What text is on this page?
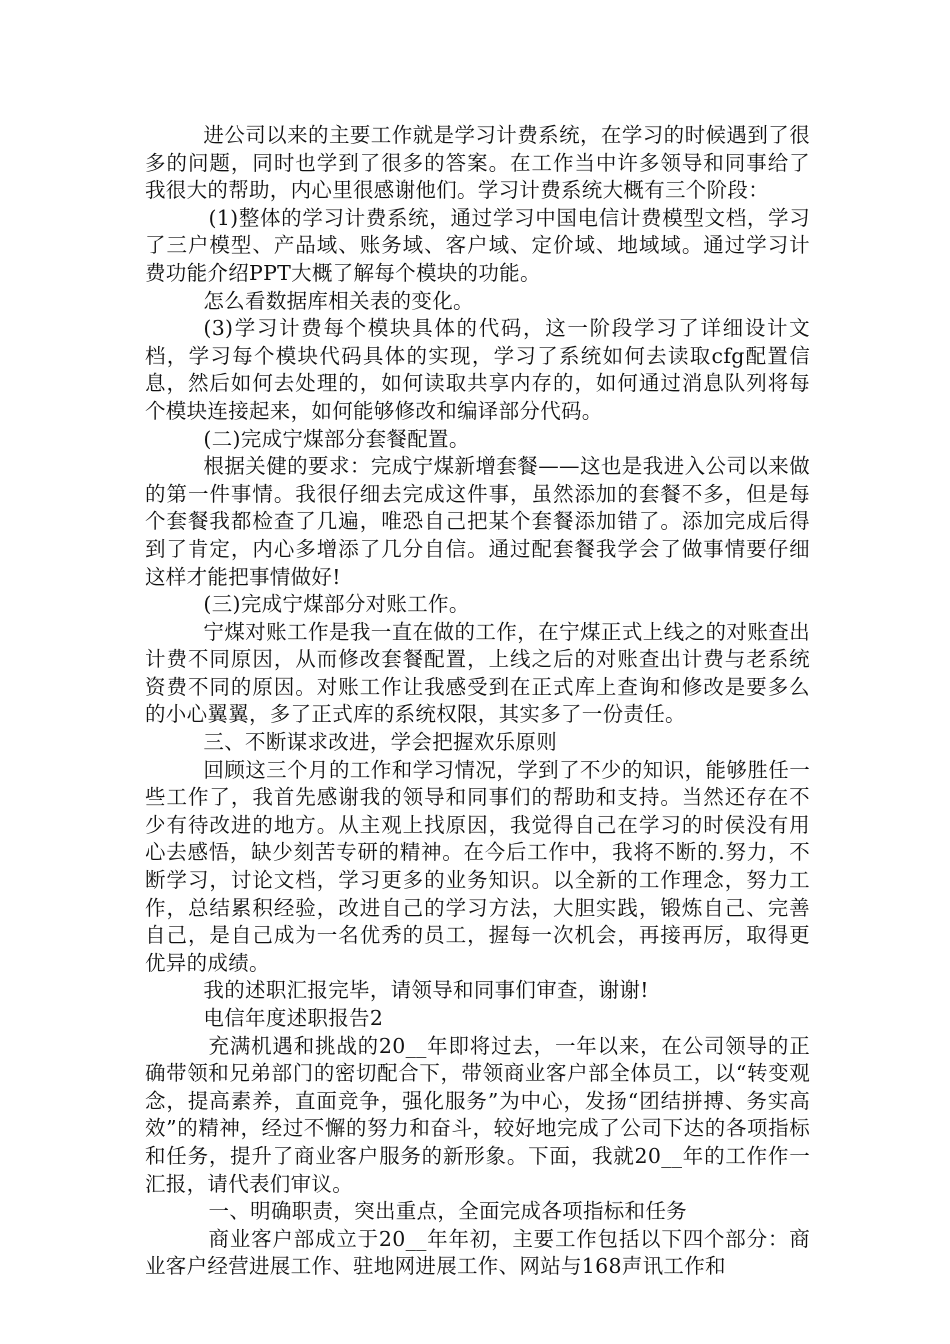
进公司以来的主要工作就是学习计费系统，在学习的时候遇到了很多的问题，同时也学到了很多的答案。在工作当中许多领导和同事给了我很大的帮助，内心里很感谢他们。学习计费系统大概有三个阶段：

(1)整体的学习计费系统，通过学习中国电信计费模型文档，学习了三户模型、产品域、账务域、客户域、定价域、地域域。通过学习计费功能介绍PPT大概了解每个模块的功能。

怎么看数据库相关表的变化。

(3)学习计费每个模块具体的代码，这一阶段学习了详细设计文档，学习每个模块代码具体的实现，学习了系统如何去读取cfg配置信息，然后如何去处理的，如何读取共享内存的，如何通过消息队列将每个模块连接起来，如何能够修改和编译部分代码。

(二)完成宁煤部分套餐配置。

根据关健的要求：完成宁煤新增套餐——这也是我进入公司以来做的第一件事情。我很仔细去完成这件事，虽然添加的套餐不多，但是每个套餐我都检查了几遍，唯恐自己把某个套餐添加错了。添加完成后得到了肯定，内心多增添了几分自信。通过配套餐我学会了做事情要仔细这样才能把事情做好!

(三)完成宁煤部分对账工作。

宁煤对账工作是我一直在做的工作，在宁煤正式上线之的对账查出计费不同原因，从而修改套餐配置，上线之后的对账查出计费与老系统资费不同的原因。对账工作让我感受到在正式库上查询和修改是要多么的小心翼翼，多了正式库的系统权限，其实多了一份责任。

三、不断谋求改进，学会把握欢乐原则

回顾这三个月的工作和学习情况，学到了不少的知识，能够胜任一些工作了，我首先感谢我的领导和同事们的帮助和支持。当然还存在不少有待改进的地方。从主观上找原因，我觉得自己在学习的时侯没有用心去感悟，缺少刻苦专研的精神。在今后工作中，我将不断的.努力，不断学习，讨论文档，学习更多的业务知识。以全新的工作理念，努力工作，总结累积经验，改进自己的学习方法，大胆实践，锻炼自己、完善自己，是自己成为一名优秀的员工，握每一次机会，再接再厉，取得更优异的成绩。

我的述职汇报完毕，请领导和同事们审查，谢谢!

电信年度述职报告2

充满机遇和挑战的20__年即将过去，一年以来，在公司领导的正确带领和兄弟部门的密切配合下，带领商业客户部全体员工，以“转变观念，提高素养，直面竞争，强化服务”为中心，发扬“团结拼搏、务实高效”的精神，经过不懈的努力和奋斗，较好地完成了公司下达的各项指标和任务，提升了商业客户服务的新形象。下面，我就20__年的工作作一汇报，请代表们审议。

一、明确职责，突出重点，全面完成各项指标和任务

商业客户部成立于20__年年初，主要工作包括以下四个部分：商业客户经营进展工作、驻地网进展工作、网站与168声讯工作和
